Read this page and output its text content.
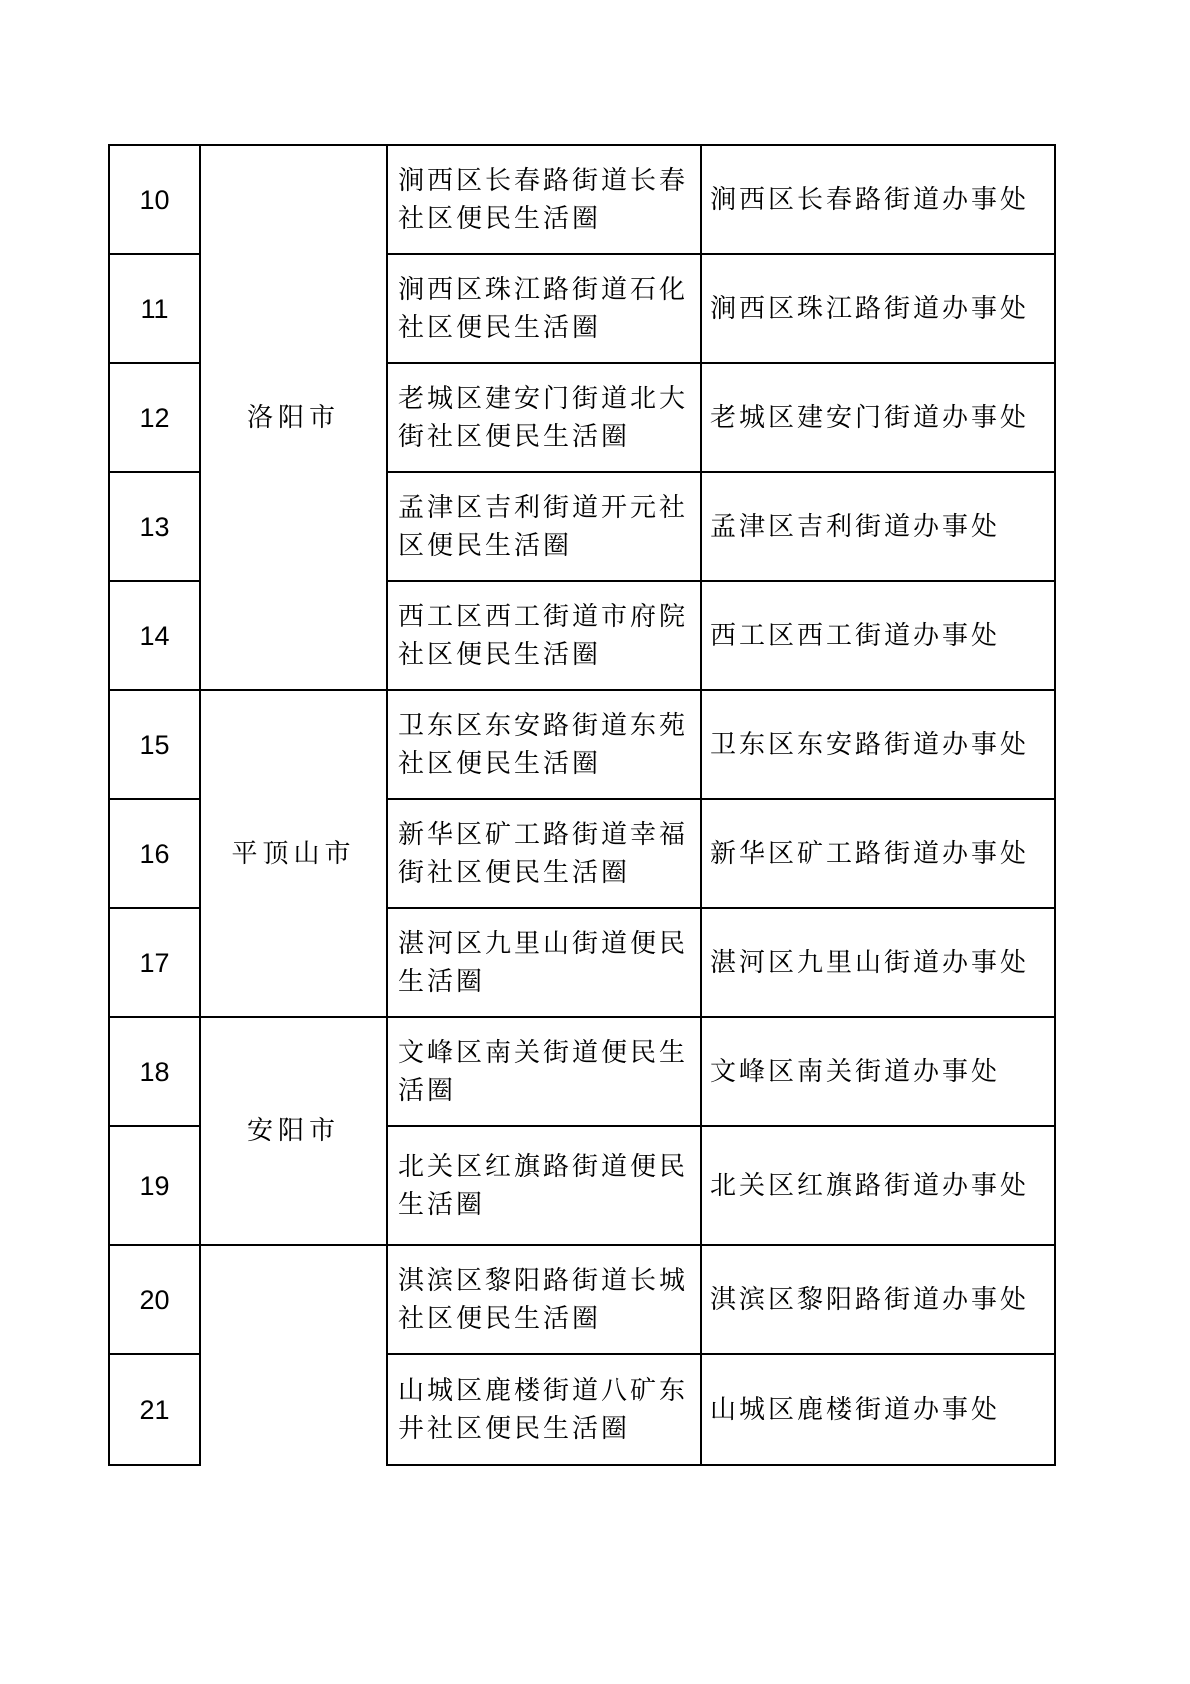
10
11
12
13
14
15
16
17
18
19
20
21
洛阳市
平顶山市
安阳市
涧西区长春路街道长春社区便民生活圈
涧西区珠江路街道石化社区便民生活圈
老城区建安门街道北大街社区便民生活圈
孟津区吉利街道开元社区便民生活圈
西工区西工街道市府院社区便民生活圈
卫东区东安路街道东苑社区便民生活圈
新华区矿工路街道幸福街社区便民生活圈
湛河区九里山街道便民生活圈
文峰区南关街道便民生活圈
北关区红旗路街道便民生活圈
淇滨区黎阳路街道长城社区便民生活圈
山城区鹿楼街道八矿东井社区便民生活圈
涧西区长春路街道办事处
涧西区珠江路街道办事处
老城区建安门街道办事处
孟津区吉利街道办事处
西工区西工街道办事处
卫东区东安路街道办事处
新华区矿工路街道办事处
湛河区九里山街道办事处
文峰区南关街道办事处
北关区红旗路街道办事处
淇滨区黎阳路街道办事处
山城区鹿楼街道办事处
